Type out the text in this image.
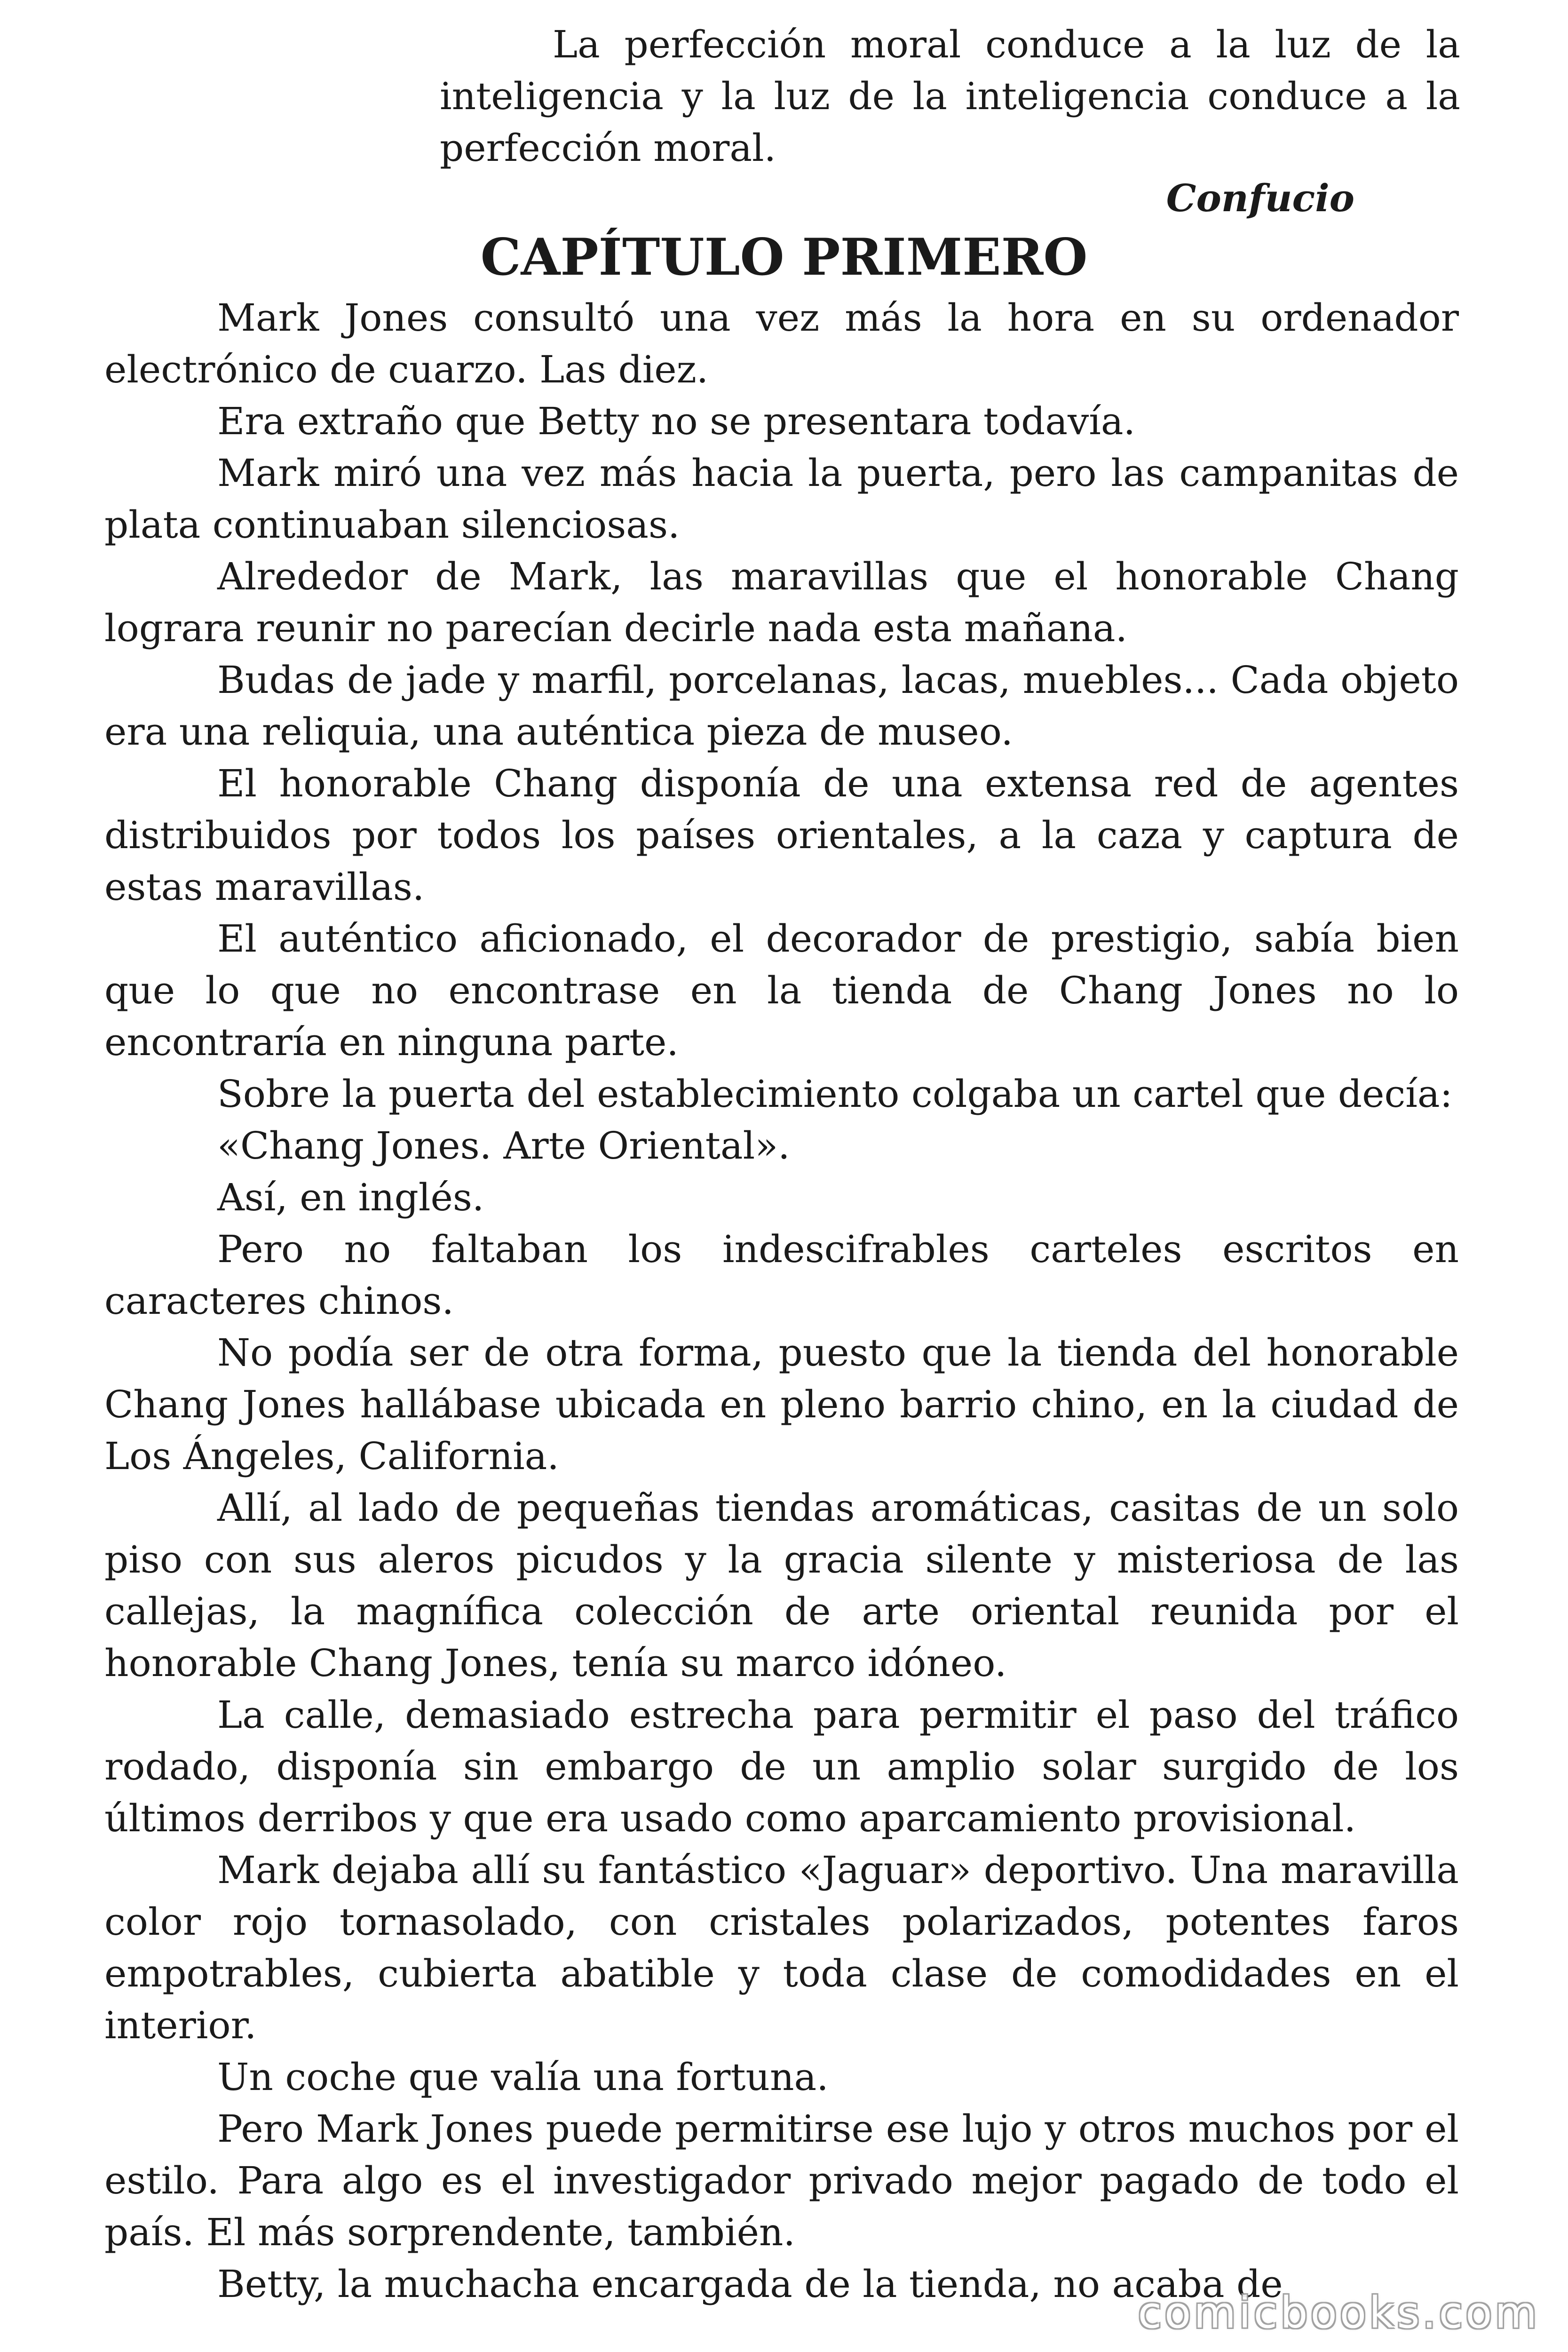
La perfección moral conduce a la luz de la inteligencia y la luz de la inteligencia conduce a la perfección moral.

Confucio

CAPÍTULO PRIMERO

Mark Jones consultó una vez más la hora en su ordenador electrónico de cuarzo. Las diez.

Era extraño que Betty no se presentara todavía.

Mark miró una vez más hacia la puerta, pero las campanitas de plata continuaban silenciosas.

Alrededor de Mark, las maravillas que el honorable Chang lograra reunir no parecían decirle nada esta mañana.

Budas de jade y marfil, porcelanas, lacas, muebles... Cada objeto era una reliquia, una auténtica pieza de museo.

El honorable Chang disponía de una extensa red de agentes distribuidos por todos los países orientales, a la caza y captura de estas maravillas.

El auténtico aficionado, el decorador de prestigio, sabía bien que lo que no encontrase en la tienda de Chang Jones no lo encontraría en ninguna parte.

Sobre la puerta del establecimiento colgaba un cartel que decía:

«Chang Jones. Arte Oriental».

Así, en inglés.

Pero no faltaban los indescifrables carteles escritos en caracteres chinos.

No podía ser de otra forma, puesto que la tienda del honorable Chang Jones hallábase ubicada en pleno barrio chino, en la ciudad de Los Ángeles, California.

Allí, al lado de pequeñas tiendas aromáticas, casitas de un solo piso con sus aleros picudos y la gracia silente y misteriosa de las callejas, la magnífica colección de arte oriental reunida por el honorable Chang Jones, tenía su marco idóneo.

La calle, demasiado estrecha para permitir el paso del tráfico rodado, disponía sin embargo de un amplio solar surgido de los últimos derribos y que era usado como aparcamiento provisional.

Mark dejaba allí su fantástico «Jaguar» deportivo. Una maravilla color rojo tornasolado, con cristales polarizados, potentes faros empotrables, cubierta abatible y toda clase de comodidades en el interior.

Un coche que valía una fortuna.

Pero Mark Jones puede permitirse ese lujo y otros muchos por el estilo. Para algo es el investigador privado mejor pagado de todo el país. El más sorprendente, también.

Betty, la muchacha encargada de la tienda, no acaba de

comicbooks.com
